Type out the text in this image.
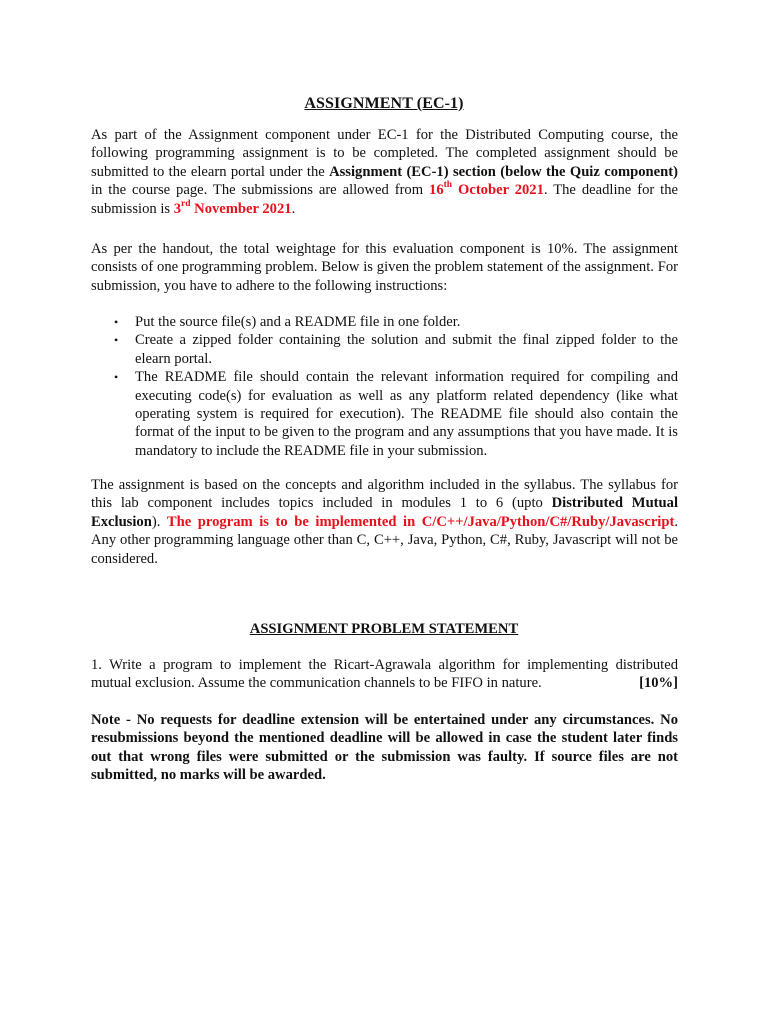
ASSIGNMENT (EC-1)

As part of the Assignment component under EC-1 for the Distributed Computing course, the following programming assignment is to be completed. The completed assignment should be submitted to the elearn portal under the Assignment (EC-1) section (below the Quiz component) in the course page. The submissions are allowed from 16th October 2021. The deadline for the submission is 3rd November 2021.

As per the handout, the total weightage for this evaluation component is 10%. The assignment consists of one programming problem. Below is given the problem statement of the assignment. For submission, you have to adhere to the following instructions:

• Put the source file(s) and a README file in one folder.
• Create a zipped folder containing the solution and submit the final zipped folder to the elearn portal.
• The README file should contain the relevant information required for compiling and executing code(s) for evaluation as well as any platform related dependency (like what operating system is required for execution). The README file should also contain the format of the input to be given to the program and any assumptions that you have made. It is mandatory to include the README file in your submission.

The assignment is based on the concepts and algorithm included in the syllabus. The syllabus for this lab component includes topics included in modules 1 to 6 (upto Distributed Mutual Exclusion). The program is to be implemented in C/C++/Java/Python/C#/Ruby/Javascript. Any other programming language other than C, C++, Java, Python, C#, Ruby, Javascript will not be considered.

ASSIGNMENT PROBLEM STATEMENT

1. Write a program to implement the Ricart-Agrawala algorithm for implementing distributed mutual exclusion. Assume the communication channels to be FIFO in nature.	[10%]

Note - No requests for deadline extension will be entertained under any circumstances. No resubmissions beyond the mentioned deadline will be allowed in case the student later finds out that wrong files were submitted or the submission was faulty. If source files are not submitted, no marks will be awarded.
